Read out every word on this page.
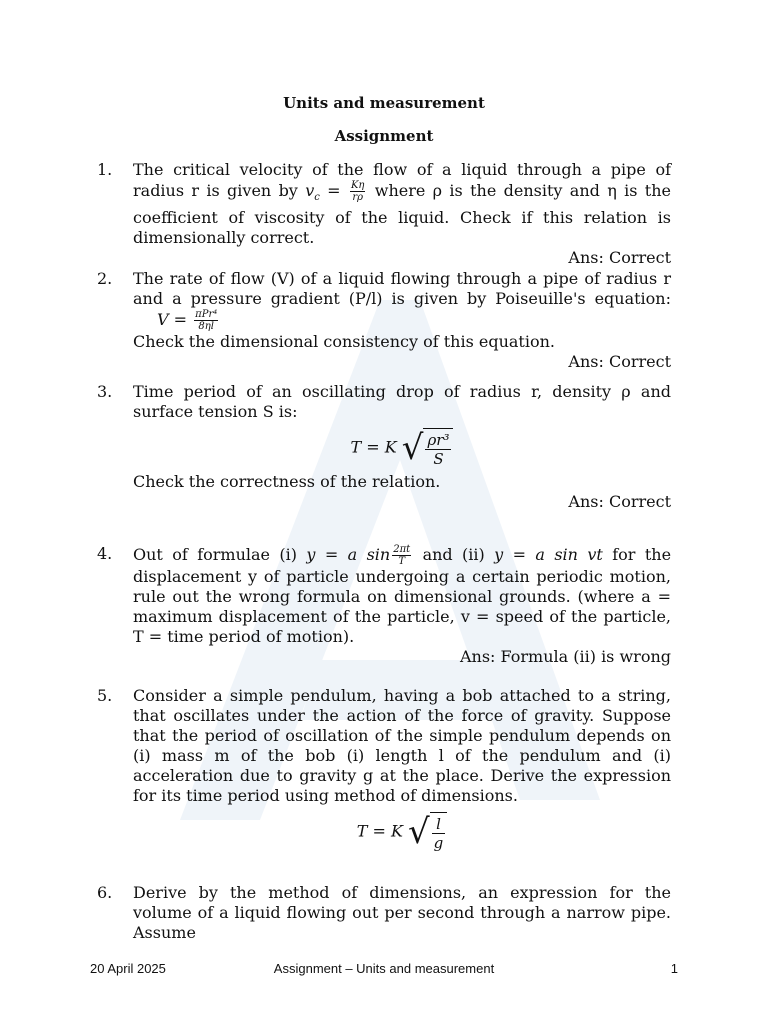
Units and measurement
Assignment
1.	The critical velocity of the flow of a liquid through a pipe of radius r is given by $v_c = \frac{K\eta}{r\rho}$ where ρ is the density and η is the coefficient of viscosity of the liquid. Check if this relation is dimensionally correct.
Ans: Correct
2.	The rate of flow (V) of a liquid flowing through a pipe of radius r and a pressure gradient (P/l) is given by Poiseuille's equation: $V = \frac{\text{πPr⁴}}{8\eta l}$
Check the dimensional consistency of this equation.
Ans: Correct
3.	Time period of an oscillating drop of radius r, density ρ and surface tension S is:
T = K √ $\frac{\text{ρr³}}{S}$
Check the correctness of the relation.
Ans: Correct
4.	Out of formulae (i) y = a $\sin \frac{2\pi t}{T}$ and (ii) y = a sin vt for the displacement y of particle undergoing a certain periodic motion, rule out the wrong formula on dimensional grounds. (where a = maximum displacement of the particle, v = speed of the particle, T = time period of motion).
Ans: Formula (ii) is wrong
5.	Consider a simple pendulum, having a bob attached to a string, that oscillates under the action of the force of gravity. Suppose that the period of oscillation of the simple pendulum depends on (i) mass m of the bob (i) length l of the pendulum and (i) acceleration due to gravity g at the place. Derive the expression for its time period using method of dimensions.
T = K √ $\frac{l}{g}$
6.	Derive by the method of dimensions, an expression for the volume of a liquid flowing out per second through a narrow pipe. Assume
20 April 2025	Assignment – Units and measurement	1
